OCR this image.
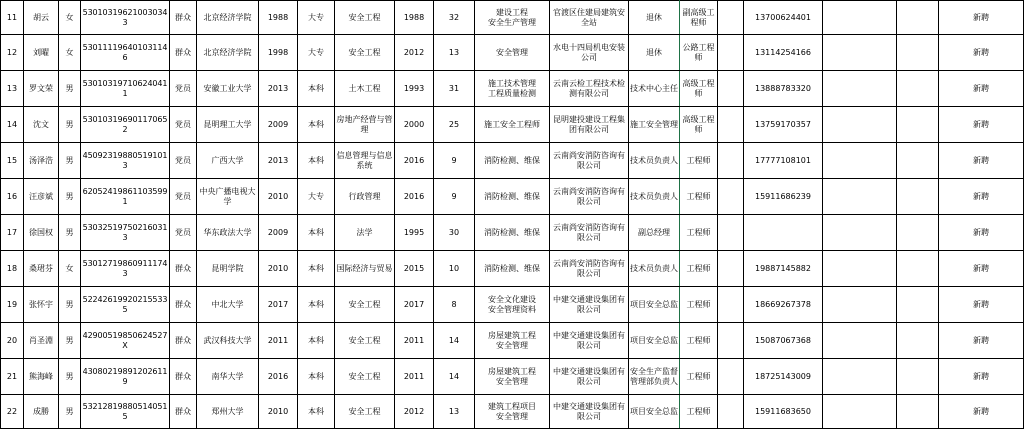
11	胡云	女	530103196210030343	群众	北京经济学院	1988	大专	安全工程	1988	32	建设工程
安全生产管理	官渡区住建局建筑安全站	退休	副高级工程师		13700624401			新聘
12	刘曜	女	530111196401031146	群众	北京经济学院	1998	大专	安全工程	2012	13	安全管理	水电十四局机电安装公司	退休	公路工程师		13114254166			新聘
13	罗文荣	男	530103197106240411	党员	安徽工业大学	2013	本科	土木工程	1993	31	施工技术管理
工程质量检测	云南云检工程技术检测有限公司	技术中心主任	高级工程师		13888783320			新聘
14	沈文	男	530103196901170652	党员	昆明理工大学	2009	本科	房地产经营与管理	2000	25	施工安全工程师	昆明建投建设工程集团有限公司	施工安全管理	高级工程师		13759170357			新聘
15	汤泽浩	男	450923198805191013	党员	广西大学	2013	本科	信息管理与信息系统	2016	9	消防检测、维保	云南尚安消防咨询有限公司	技术员负责人	工程师		17777108101			新聘
16	汪彦斌	男	620524198611035991	党员	中央广播电视大学	2010	大专	行政管理	2016	9	消防检测、维保	云南尚安消防咨询有限公司	技术员负责人	工程师		15911686239			新聘
17	徐国权	男	530325197502160313	党员	华东政法大学	2009	本科	法学	1995	30	消防检测、维保	云南尚安消防咨询有限公司	副总经理	工程师					新聘
18	桑珺芬	女	530127198609111743	群众	昆明学院	2010	本科	国际经济与贸易	2015	10	消防检测、维保	云南尚安消防咨询有限公司	技术员负责人	工程师		19887145882			新聘
19	张怀宇	男	522426199202155335	群众	中北大学	2017	本科	安全工程	2017	8	安全文化建设
安全管理资料	中建交通建设集团有限公司	项目安全总监	工程师		18669267378			新聘
20	肖圣淵	男	42900519850624527X	群众	武汉科技大学	2011	本科	安全工程	2011	14	房屋建筑工程
安全管理	中建交通建设集团有限公司	项目安全总监	工程师		15087067368			新聘
21	熊海峰	男	430802198912026119	群众	南华大学	2016	本科	安全工程	2011	14	房屋建筑工程
安全管理	中建交通建设集团有限公司	安全生产监督管理部负责人	工程师		18725143009			新聘
22	成勝	男	532128198805140515	群众	郑州大学	2010	本科	安全工程	2012	13	建筑工程项目
安全管理	中建交通建设集团有限公司	项目安全总监	工程师		15911683650			新聘
